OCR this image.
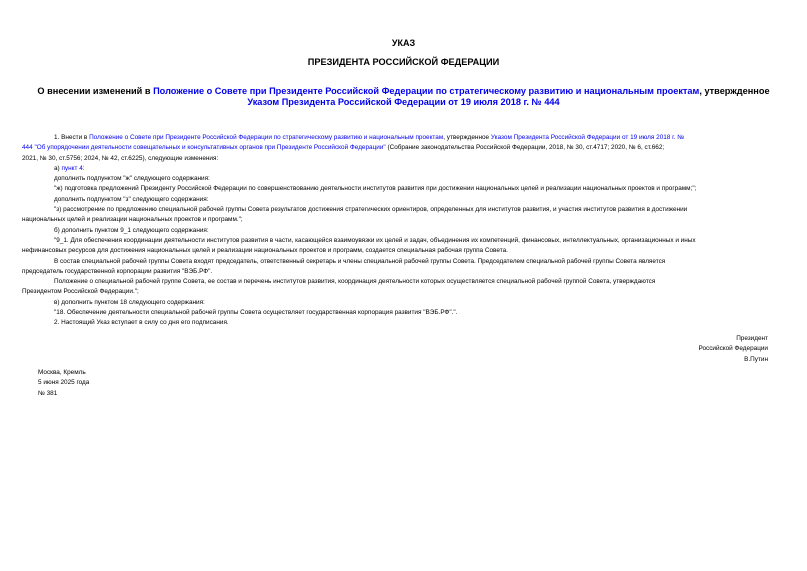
УКАЗ
ПРЕЗИДЕНТА РОССИЙСКОЙ ФЕДЕРАЦИИ
О внесении изменений в Положение о Совете при Президенте Российской Федерации по стратегическому развитию и национальным проектам, утвержденное
Указом Президента Российской Федерации от 19 июля 2018 г. № 444

1. Внести в Положение о Совете при Президенте Российской Федерации по стратегическому развитию и национальным проектам, утвержденное Указом Президента Российской Федерации от 19 июля 2018 г. №
444 "Об упорядочении деятельности совещательных и консультативных органов при Президенте Российской Федерации" (Собрание законодательства Российской Федерации, 2018, № 30, ст.4717; 2020, № 6, ст.662;
2021, № 30, ст.5756; 2024, № 42, ст.6225), следующие изменения:

а) пункт 4:

дополнить подпунктом "ж" следующего содержания:

"ж) подготовка предложений Президенту Российской Федерации по совершенствованию деятельности институтов развития при достижении национальных целей и реализации национальных проектов и программ;";

дополнить подпунктом "з" следующего содержания:

"з) рассмотрение по предложению специальной рабочей группы Совета результатов достижения стратегических ориентиров, определенных для институтов развития, и участия институтов развития в достижении
национальных целей и реализации национальных проектов и программ.";

б) дополнить пунктом 9_1 следующего содержания:

"9_1. Для обеспечения координации деятельности институтов развития в части, касающейся взаимоувязки их целей и задач, объединения их компетенций, финансовых, интеллектуальных, организационных и иных
нефинансовых ресурсов для достижения национальных целей и реализации национальных проектов и программ, создается специальная рабочая группа Совета.

В состав специальной рабочей группы Совета входят председатель, ответственный секретарь и члены специальной рабочей группы Совета. Председателем специальной рабочей группы Совета является
председатель государственной корпорации развития "ВЭБ.РФ".

Положение о специальной рабочей группе Совета, ее состав и перечень институтов развития, координация деятельности которых осуществляется специальной рабочей группой Совета, утверждаются
Президентом Российской Федерации.";

в) дополнить пунктом 18 следующего содержания:

"18. Обеспечение деятельности специальной рабочей группы Совета осуществляет государственная корпорация развития "ВЭБ.РФ".".

2. Настоящий Указ вступает в силу со дня его подписания.

Президент
Российской Федерации
В.Путин
Москва, Кремль
5 июня 2025 года
№ 381
